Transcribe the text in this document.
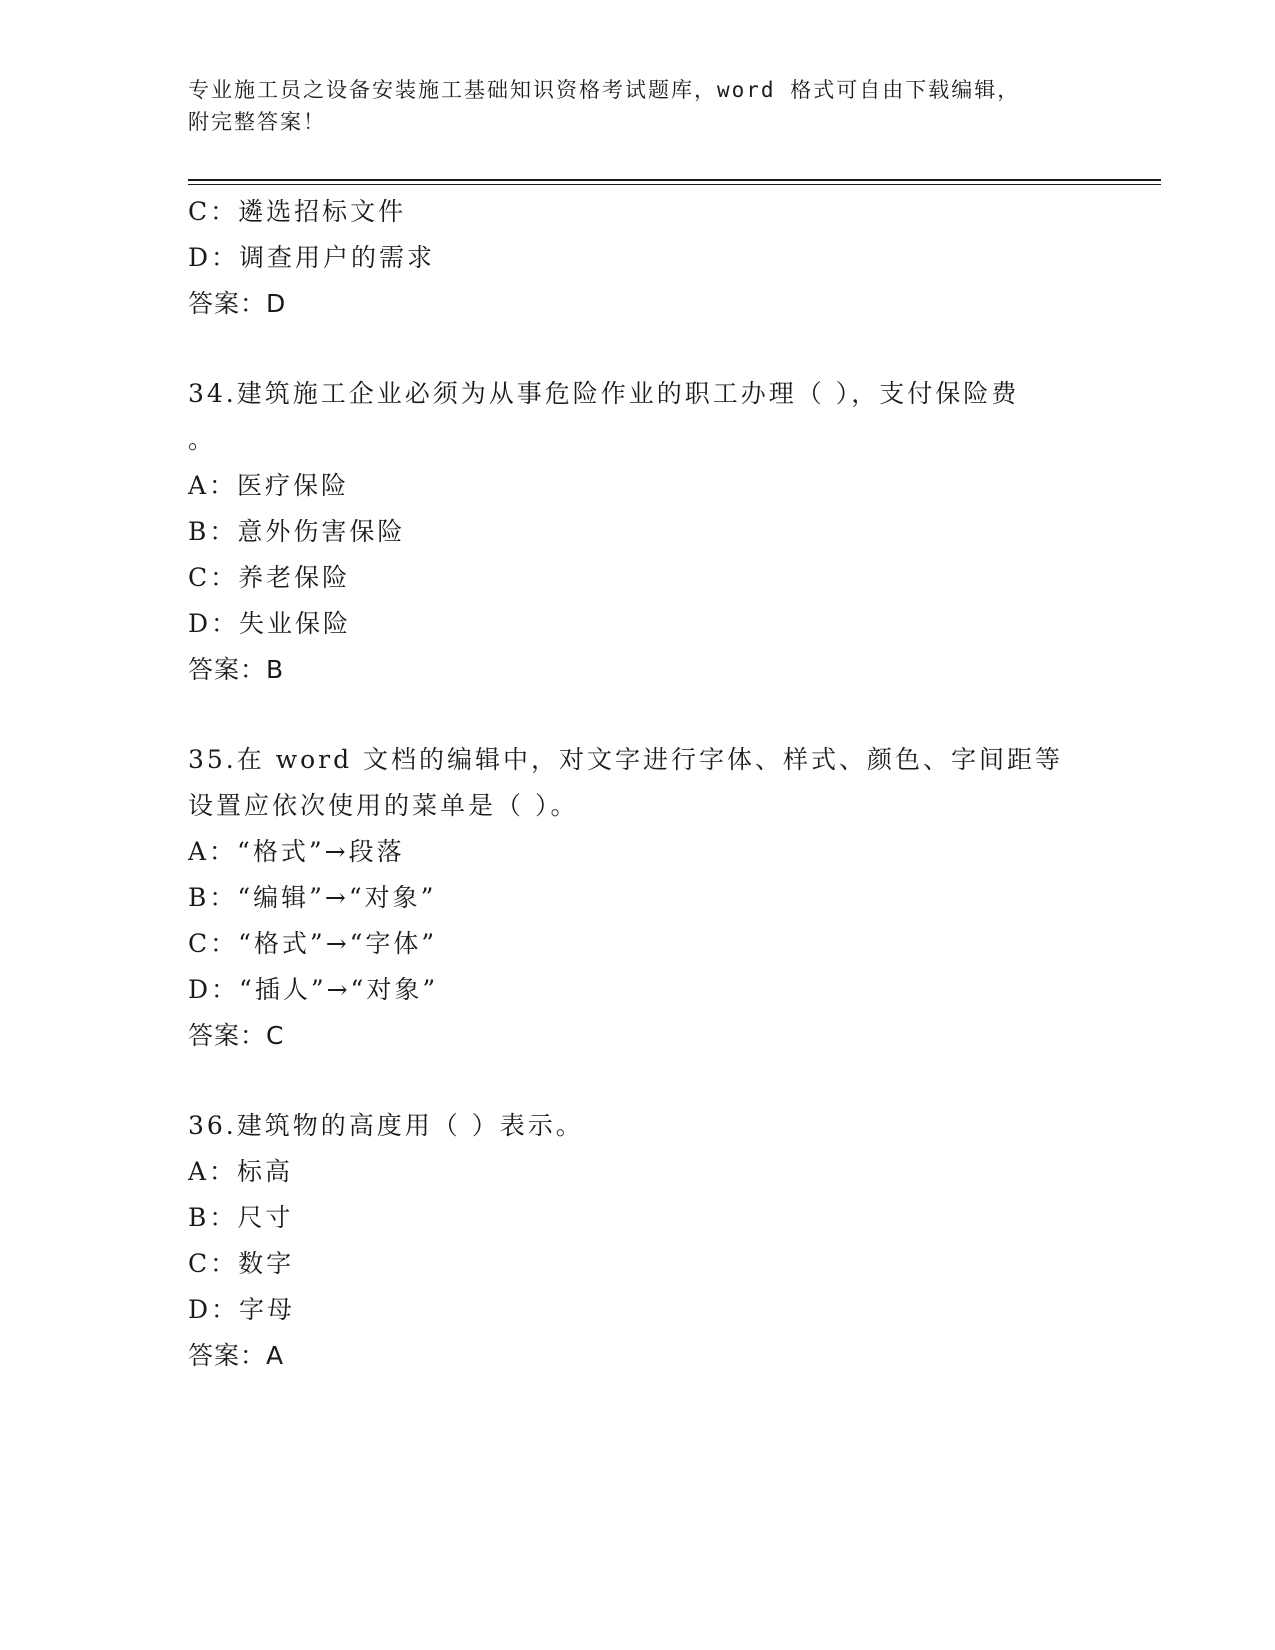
专业施工员之设备安装施工基础知识资格考试题库，word 格式可自由下载编辑，
附完整答案！
C：遴选招标文件
D：调查用户的需求
答案：D
34.建筑施工企业必须为从事危险作业的职工办理（ ），支付保险费
。
A：医疗保险
B：意外伤害保险
C：养老保险
D：失业保险
答案：B
35.在 word 文档的编辑中，对文字进行字体、样式、颜色、字间距等
设置应依次使用的菜单是（ ）。
A：“格式”→段落
B：“编辑”→“对象”
C：“格式”→“字体”
D：“插人”→“对象”
答案：C
36.建筑物的高度用（ ）表示。
A：标高
B：尺寸
C：数字
D：字母
答案：A
